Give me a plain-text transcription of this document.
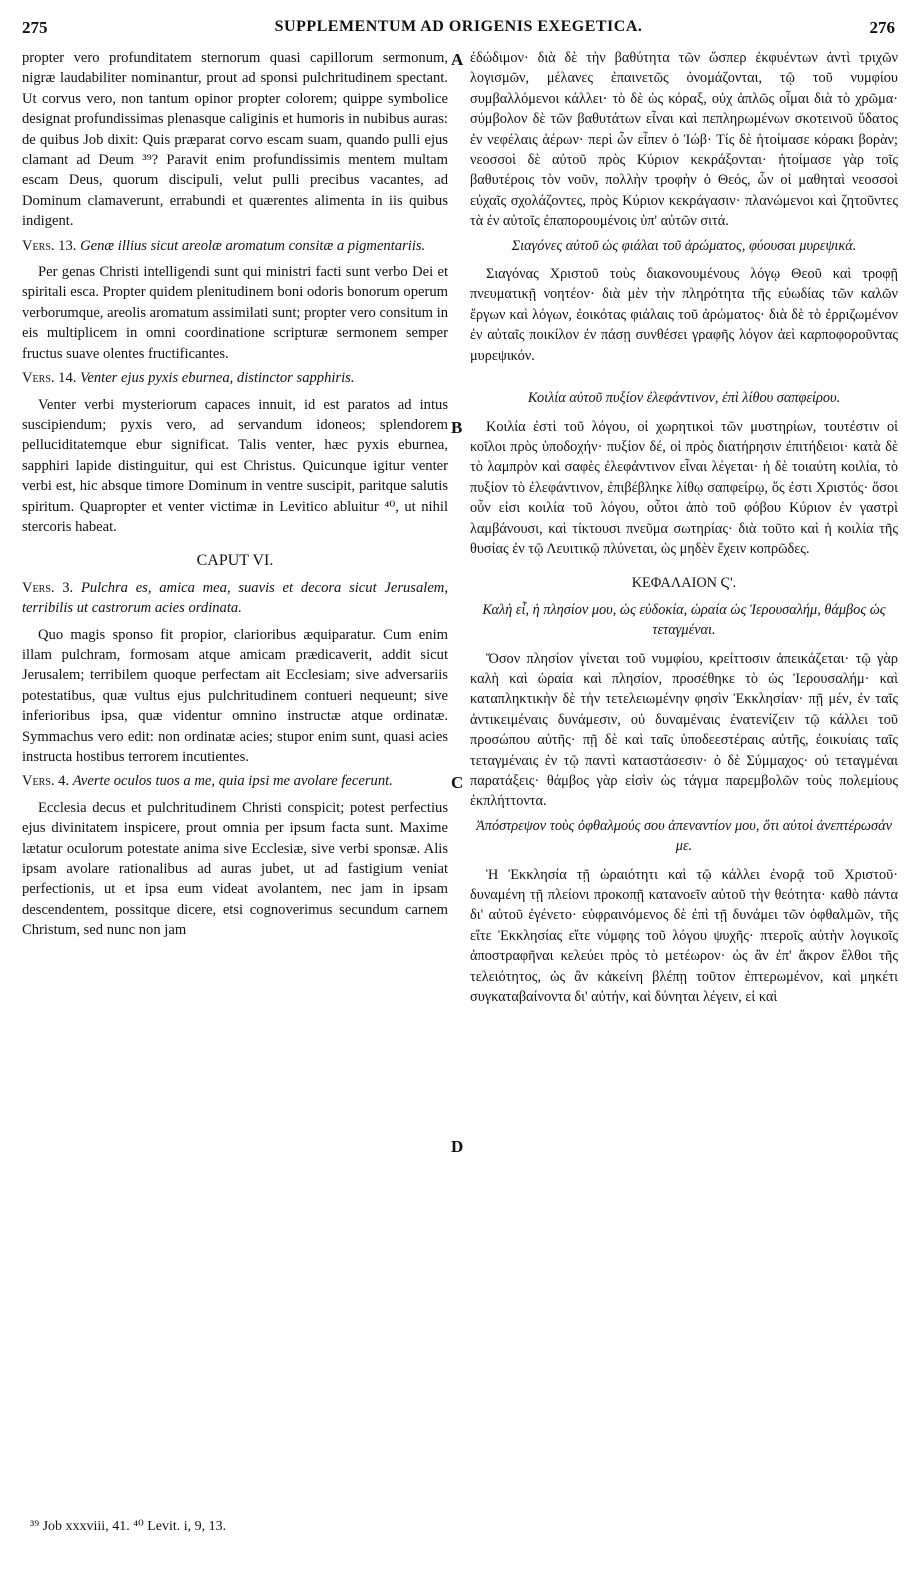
275	SUPPLEMENTUM AD ORIGENIS EXEGETICA.	276

propter vero profunditatem sternorum quasi capillorum sermonum, nigræ laudabiliter nominantur, prout ad sponsi pulchritudinem spectant. Ut corvus vero, non tantum opinor propter colorem; quippe symbolice designat profundissimas plenasque caliginis et humoris in nubibus auras: de quibus Job dixit: Quis præparat corvo escam suam, quando pulli ejus clamant ad Deum ³⁹? Paravit enim profundissimis mentem multam escam Deus, quorum discipuli, velut pulli precibus vacantes, ad Dominum clamaverunt, errabundi et quærentes alimenta in iis quibus indigent.

Vers. 13. Genæ illius sicut areolæ aromatum consitæ a pigmentariis.

Per genas Christi intelligendi sunt qui ministri facti sunt verbo Dei et spiritali esca. Propter quidem plenitudinem boni odoris bonorum operum verborumque, areolis aromatum assimilati sunt; propter vero consitum in eis multiplicem in omni coordinatione scripturæ sermonem semper fructus suave olentes fructificantes.

Vers. 14. Venter ejus pyxis eburnea, distinctor sapphiris.

Venter verbi mysteriorum capaces innuit, id est paratos ad intus suscipiendum; pyxis vero, ad servandum idoneos; splendorem pelluciditatemque ebur significat. Talis venter, hæc pyxis eburnea, sapphiri lapide distinguitur, qui est Christus. Quicunque igitur venter verbi est, hic absque timore Dominum in ventre suscipit, paritque salutis spiritum. Quapropter et venter victimæ in Levitico abluitur ⁴⁰, ut nihil stercoris habeat.

CAPUT VI.

Vers. 3. Pulchra es, amica mea, suavis et decora sicut Jerusalem, terribilis ut castrorum acies ordinata.

Quo magis sponso fit propior, clarioribus æquiparatur. Cum enim illam pulchram, formosam atque amicam prædicaverit, addit sicut Jerusalem; terribilem quoque perfectam ait Ecclesiam; sive adversariis potestatibus, quæ vultus ejus pulchritudinem contueri nequeunt; sive inferioribus ipsa, quæ videntur omnino instructæ atque ordinatæ. Symmachus vero edit: non ordinatæ acies; stupor enim sunt, quasi acies instructa hostibus terrorem incutientes.

Vers. 4. Averte oculos tuos a me, quia ipsi me avolare fecerunt.

Ecclesia decus et pulchritudinem Christi conspicit; potest perfectius ejus divinitatem inspicere, prout omnia per ipsum facta sunt. Maxime lætatur oculorum potestate anima sive Ecclesiæ, sive verbi sponsæ. Alis ipsam avolare rationalibus ad auras jubet, ut ad fastigium veniat perfectionis, ut et ipsa eum videat avolantem, nec jam in ipsam descendentem, possitque dicere, etsi cognoverimus secundum carnem Christum, sed nunc non jam

A
B
C
D

ἐδώδιμον· διὰ δὲ τὴν βαθύτητα τῶν ὥσπερ ἐκφυέντων ἀντὶ τριχῶν λογισμῶν, μέλανες ἐπαινετῶς ὀνομάζονται, τῷ τοῦ νυμφίου συμβαλλόμενοι κάλλει· τὸ δὲ ὡς κόραξ, οὐχ ἁπλῶς οἶμαι διὰ τὸ χρῶμα· σύμβολον δὲ τῶν βαθυτάτων εἶναι καὶ πεπληρωμένων σκοτεινοῦ ὕδατος ἐν νεφέλαις ἀέρων· περὶ ὧν εἶπεν ὁ Ἰώβ· Τίς δὲ ἡτοίμασε κόρακι βορὰν; νεοσσοὶ δὲ αὐτοῦ πρὸς Κύριον κεκράξονται· ἡτοίμασε γὰρ τοῖς βαθυτέροις τὸν νοῦν, πολλὴν τροφὴν ὁ Θεός, ὧν οἱ μαθηταὶ νεοσσοὶ εὐχαῖς σχολάζοντες, πρὸς Κύριον κεκράγασιν· πλανώμενοι καὶ ζητοῦντες τὰ ἐν αὐτοῖς ἐπαπορουμένοις ὑπ' αὐτῶν σιτά.

Σιαγόνες αὐτοῦ ὡς φιάλαι τοῦ ἀρώματος, φύουσαι μυρεψικά.

Σιαγόνας Χριστοῦ τοὺς διακονουμένους λόγῳ Θεοῦ καὶ τροφῇ πνευματικῇ νοητέον· διὰ μὲν τὴν πληρότητα τῆς εὐωδίας τῶν καλῶν ἔργων καὶ λόγων, ἐοικότας φιάλαις τοῦ ἀρώματος· διὰ δὲ τὸ ἐρριζωμένον ἐν αὐταῖς ποικίλον ἐν πάσῃ συνθέσει γραφῆς λόγον ἀεὶ καρποφοροῦντας μυρεψικόν.

Κοιλία αὐτοῦ πυξίον ἐλεφάντινον, ἐπὶ λίθου σαπφείρου.

Κοιλία ἐστὶ τοῦ λόγου, οἱ χωρητικοὶ τῶν μυστηρίων, τουτέστιν οἱ κοῖλοι πρὸς ὑποδοχήν· πυξίον δέ, οἱ πρὸς διατήρησιν ἐπιτήδειοι· κατὰ δὲ τὸ λαμπρὸν καὶ σαφὲς ἐλεφάντινον εἶναι λέγεται· ἡ δὲ τοιαύτη κοιλία, τὸ πυξίον τὸ ἐλεφάντινον, ἐπιβέβληκε λίθῳ σαπφείρῳ, ὅς ἐστι Χριστός· ὅσοι οὖν εἰσι κοιλία τοῦ λόγου, οὗτοι ἀπὸ τοῦ φόβου Κύριον ἐν γαστρὶ λαμβάνουσι, καὶ τίκτουσι πνεῦμα σωτηρίας· διὰ τοῦτο καὶ ἡ κοιλία τῆς θυσίας ἐν τῷ Λευιτικῷ πλύνεται, ὡς μηδὲν ἔχειν κοπρῶδες.

ΚΕΦΑΛΑΙΟΝ Ϛ'.

Καλὴ εἶ, ἡ πλησίον μου, ὡς εὐδοκία, ὡραία ὡς Ἱερουσαλήμ, θάμβος ὡς τεταγμέναι.

Ὅσον πλησίον γίνεται τοῦ νυμφίου, κρείττοσιν ἀπεικάζεται· τῷ γὰρ καλὴ καὶ ὡραία καὶ πλησίον, προσέθηκε τὸ ὡς Ἱερουσαλήμ· καὶ καταπληκτικὴν δὲ τὴν τετελειωμένην φησὶν Ἐκκλησίαν· πῇ μέν, ἐν ταῖς ἀντικειμέναις δυνάμεσιν, οὐ δυναμέναις ἐνατενίζειν τῷ κάλλει τοῦ προσώπου αὐτῆς· πῇ δὲ καὶ ταῖς ὑποδεεστέραις αὐτῆς, ἐοικυίαις ταῖς τεταγμέναις ἐν τῷ παντὶ καταστάσεσιν· ὁ δὲ Σύμμαχος· οὐ τεταγμέναι παρατάξεις· θάμβος γὰρ εἰσὶν ὡς τάγμα παρεμβολῶν τοὺς πολεμίους ἐκπλήττοντα.

Ἀπόστρεψον τοὺς ὀφθαλμούς σου ἀπεναντίον μου, ὅτι αὐτοὶ ἀνεπτέρωσάν με.

Ἡ Ἐκκλησία τῇ ὡραιότητι καὶ τῷ κάλλει ἐνορᾷ τοῦ Χριστοῦ· δυναμένη τῇ πλείονι προκοπῇ κατανοεῖν αὐτοῦ τὴν θεότητα· καθὸ πάντα δι' αὐτοῦ ἐγένετο· εὐφραινόμενος δὲ ἐπὶ τῇ δυνάμει τῶν ὀφθαλμῶν, τῆς εἴτε Ἐκκλησίας εἴτε νύμφης τοῦ λόγου ψυχῆς· πτεροῖς αὐτὴν λογικοῖς ἀποστραφῆναι κελεύει πρὸς τὸ μετέωρον· ὡς ἂν ἐπ' ἄκρον ἔλθοι τῆς τελειότητος, ὡς ἂν κἀκείνη βλέπῃ τοῦτον ἐπτερωμένον, καὶ μηκέτι συγκαταβαίνοντα δι' αὐτήν, καὶ δύνηται λέγειν, εἰ καὶ

³⁹ Job xxxviii, 41. ⁴⁰ Levit. i, 9, 13.
